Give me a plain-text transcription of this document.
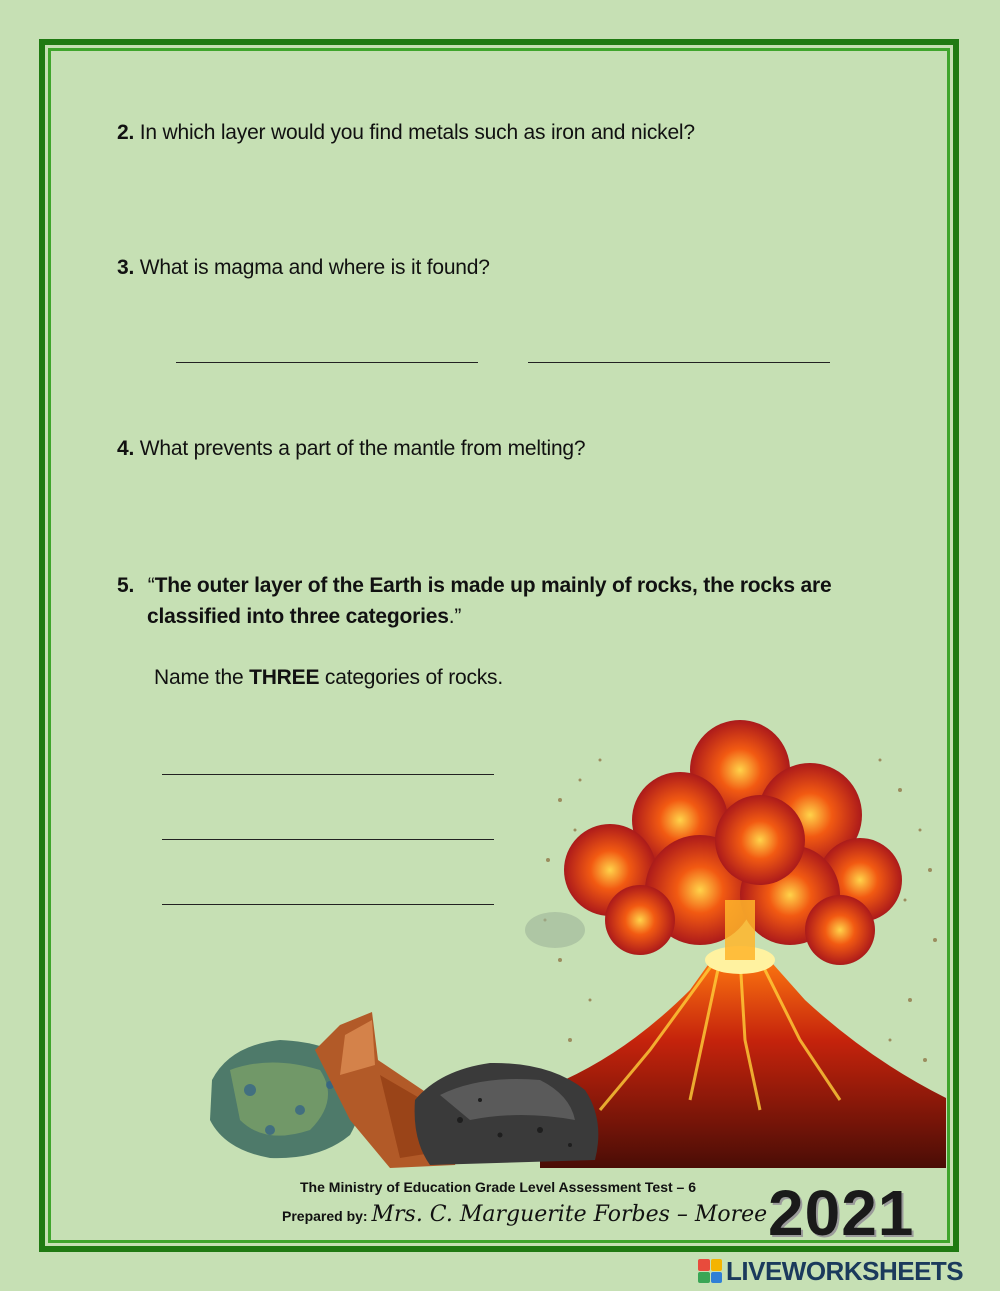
2. In which layer would you find metals such as iron and nickel?
3. What is magma and where is it found?
4. What prevents a part of the mantle from melting?
5. “The outer layer of the Earth is made up mainly of rocks, the rocks are
classified into three categories.”
Name the THREE categories of rocks.
The Ministry of Education Grade Level Assessment Test – 6
Prepared by: Mrs. C. Marguerite Forbes – Moree 2021
LIVEWORKSHEETS
